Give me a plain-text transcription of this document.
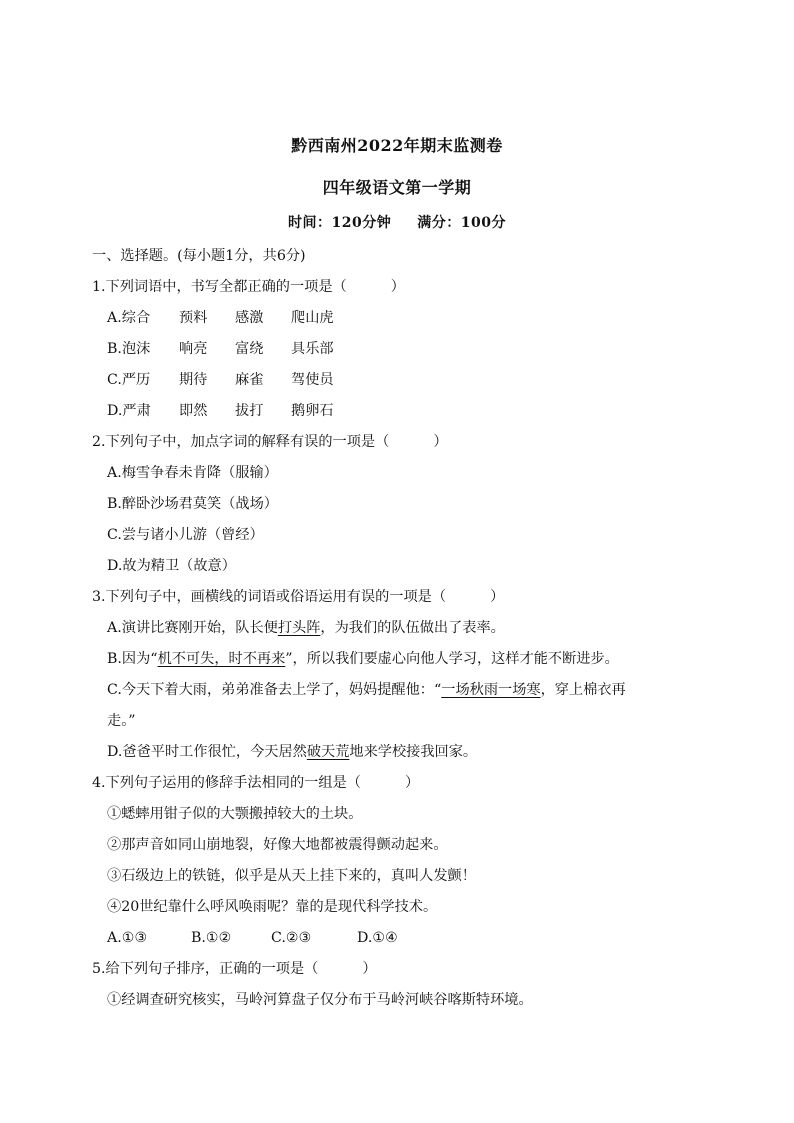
黔西南州2022年期末监测卷
四年级语文第一学期
时间：120分钟 满分：100分
一、选择题。(每小题1分，共6分)
1.下列词语中，书写全都正确的一项是（	）
A.综合 预料 感激 爬山虎
B.泡沫 响亮 富绕 具乐部
C.严历 期待 麻雀 驾使员
D.严肃 即然 拔打 鹅卵石
2.下列句子中，加点字词的解释有误的一项是（	）
A.梅雪争春未肯降（服输）
B.醉卧沙场君莫笑（战场）
C.尝与诸小儿游（曾经）
D.故为精卫（故意）
3.下列句子中，画横线的词语或俗语运用有误的一项是（	）
A.演讲比赛刚开始，队长便打头阵，为我们的队伍做出了表率。
B.因为“机不可失，时不再来”，所以我们要虚心向他人学习，这样才能不断进步。
C.今天下着大雨，弟弟准备去上学了，妈妈提醒他：“一场秋雨一场寒，穿上棉衣再
走。”
D.爸爸平时工作很忙，今天居然破天荒地来学校接我回家。
4.下列句子运用的修辞手法相同的一组是（	）
①蟋蟀用钳子似的大颚搬掉较大的土块。
②那声音如同山崩地裂，好像大地都被震得颤动起来。
③石级边上的铁链，似乎是从天上挂下来的，真叫人发颤！
④20世纪靠什么呼风唤雨呢？靠的是现代科学技术。
A.①③	B.①②	C.②③	D.①④
5.给下列句子排序，正确的一项是（	）
①经调查研究核实，马岭河算盘子仅分布于马岭河峡谷喀斯特环境。
